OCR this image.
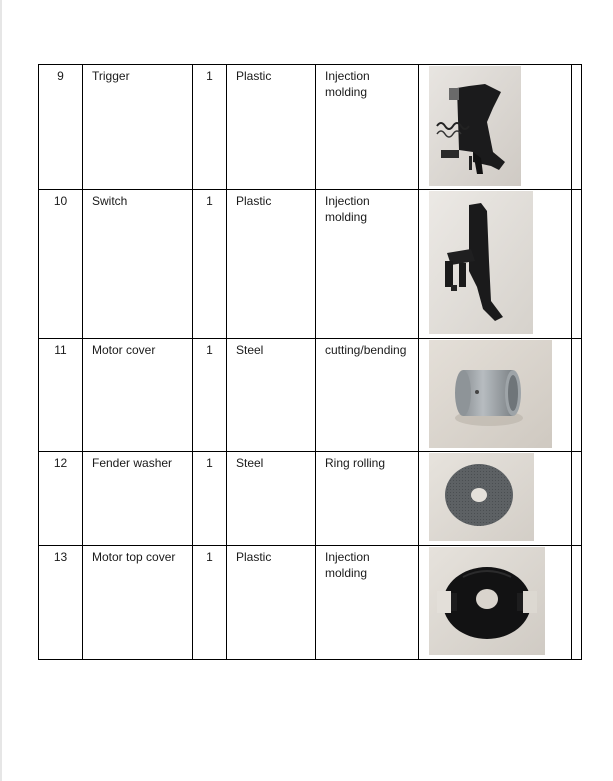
9	Trigger	1	Plastic	Injection molding	

10	Switch	1	Plastic	Injection molding	

11	Motor cover	1	Steel	cutting/bending	

12	Fender washer	1	Steel	Ring rolling	

13	Motor top cover	1	Plastic	Injection molding	
